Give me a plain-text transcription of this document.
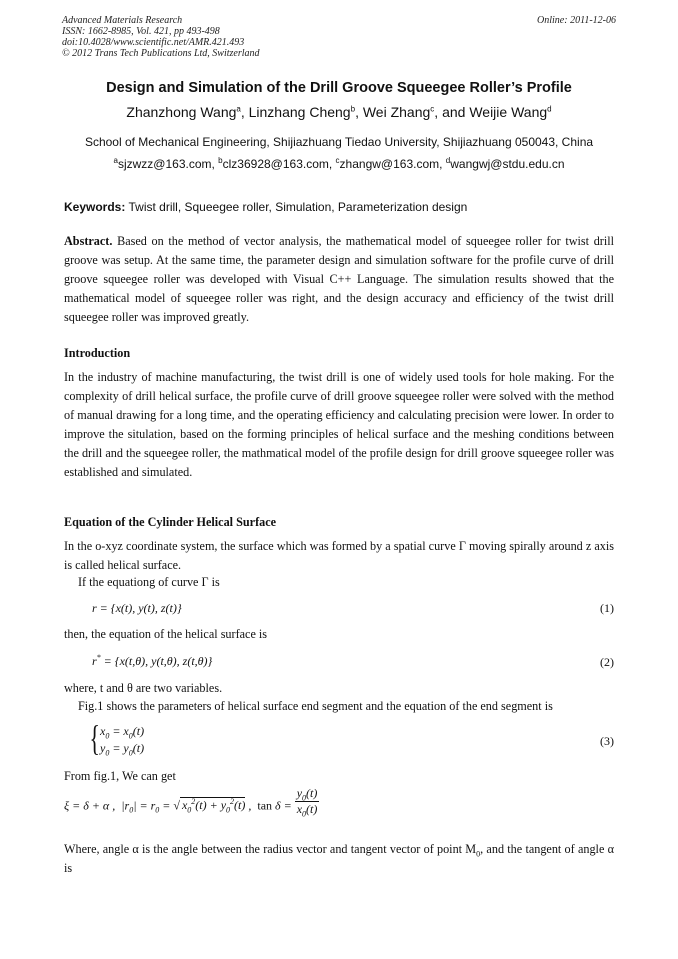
Advanced Materials Research
ISSN: 1662-8985, Vol. 421, pp 493-498
doi:10.4028/www.scientific.net/AMR.421.493
© 2012 Trans Tech Publications Ltd, Switzerland
Online: 2011-12-06
Design and Simulation of the Drill Groove Squeegee Roller’s Profile
Zhanzhong Wang$^a$, Linzhang Cheng$^b$, Wei Zhang$^c$, and Weijie Wang$^d$
School of Mechanical Engineering, Shijiazhuang Tiedao University, Shijiazhuang 050043, China
$^a$sjzwzz@163.com, $^b$clz36928@163.com, $^c$zhangw@163.com, $^d$wangwj@stdu.edu.cn
Keywords: Twist drill, Squeegee roller, Simulation, Parameterization design
Abstract. Based on the method of vector analysis, the mathematical model of squeegee roller for twist drill groove was setup. At the same time, the parameter design and simulation software for the profile curve of drill groove squeegee roller was developed with Visual C++ Language. The simulation results showed that the mathematical model of squeegee roller was right, and the design accuracy and efficiency of the twist drill squeegee roller was improved greatly.
Introduction
In the industry of machine manufacturing, the twist drill is one of widely used tools for hole making. For the complexity of drill helical surface, the profile curve of drill groove squeegee roller were solved with the method of manual drawing for a long time, and the operating efficiency and calculating precision were lower. In order to improve the situlation, based on the forming principles of helical surface and the meshing conditions between the drill and the squeegee roller, the mathmatical model of the profile design for drill groove squeegee roller was established and simulated.
Equation of the Cylinder Helical Surface
In the o-xyz coordinate system, the surface which was formed by a spatial curve Γ moving spirally around z axis is called helical surface.
If the equationg of curve Γ is
r = {x(t), y(t), z(t)}	(1)
then, the equation of the helical surface is
r* = {x(t,θ), y(t,θ), z(t,θ)}	(2)
where, t and θ are two variables.
Fig.1 shows the parameters of helical surface end segment and the equation of the end segment is
{ $x_0 = x_0(t)$
$y_0 = y_0(t)$	(3)
From fig.1, We can get
ξ = δ + α ,  $|r_0| = r_0$ = √ $x_0^2(t) + y_0^2(t)$ ,  $\tan \delta = \frac{y_0(t)}{x_0(t)}$
Where, angle α is the angle between the radius vector and tangent vector of point $M_0$, and the tangent of angle α is
